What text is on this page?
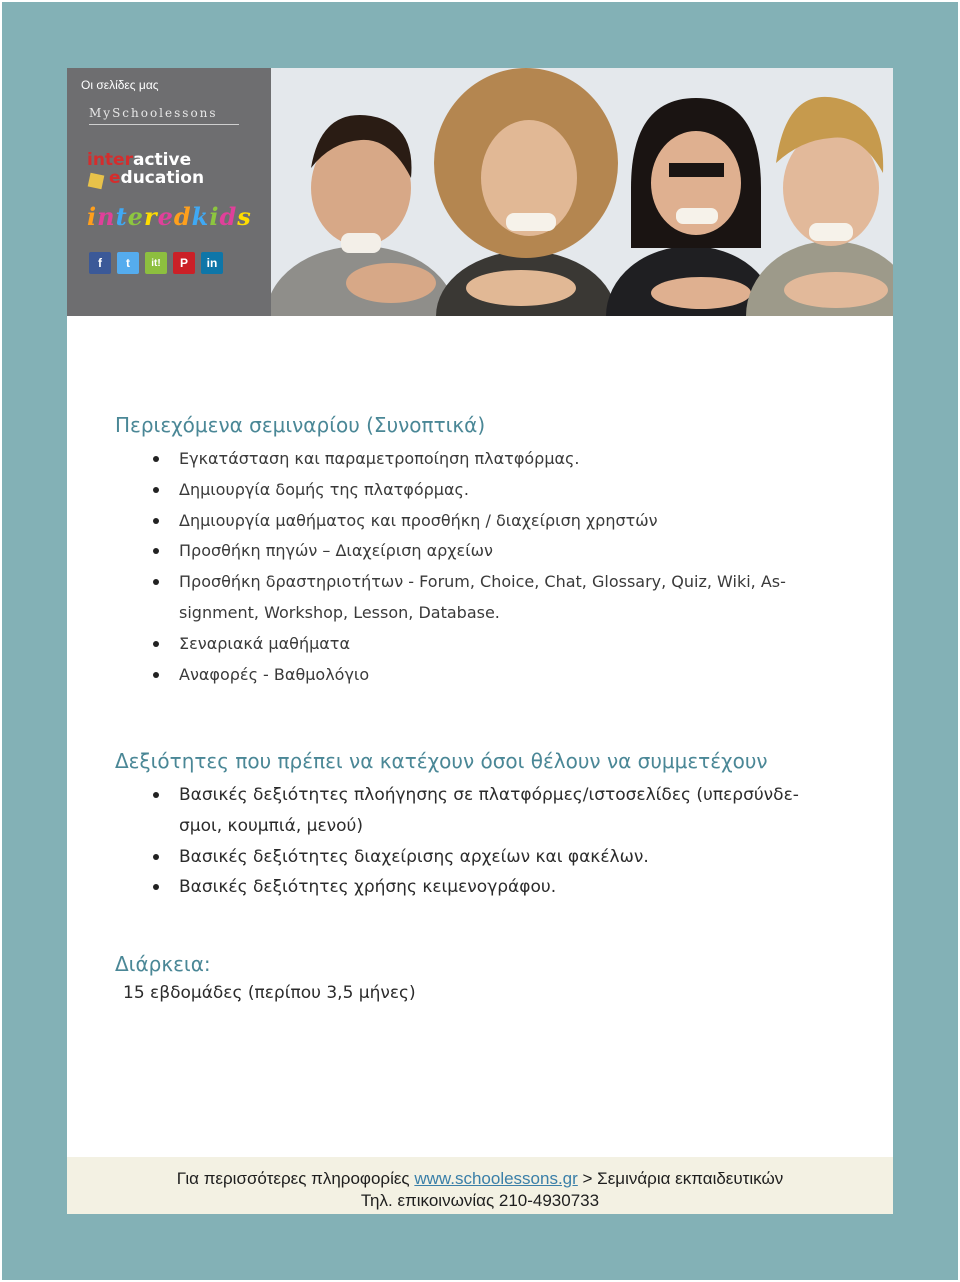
Οι σελίδες μας
MySchoolessons
interactive
education
interedkids
f	t	it!	P	in
Περιεχόμενα σεμιναρίου (Συνοπτικά)
Εγκατάσταση και παραμετροποίηση πλατφόρμας.
Δημιουργία δομής της πλατφόρμας.
Δημιουργία μαθήματος και προσθήκη / διαχείριση χρηστών
Προσθήκη πηγών – Διαχείριση αρχείων
Προσθήκη δραστηριοτήτων - Forum, Choice, Chat, Glossary, Quiz, Wiki, As-
signment, Workshop, Lesson, Database.
Σεναριακά μαθήματα
Αναφορές - Βαθμολόγιο
Δεξιότητες που πρέπει να κατέχουν όσοι θέλουν να συμμετέχουν
Βασικές δεξιότητες πλοήγησης σε πλατφόρμες/ιστοσελίδες (υπερσύνδε-
σμοι, κουμπιά, μενού)
Βασικές δεξιότητες διαχείρισης αρχείων και φακέλων.
Βασικές δεξιότητες χρήσης κειμενογράφου.
Διάρκεια:
15 εβδομάδες (περίπου 3,5 μήνες)
Για περισσότερες πληροφορίες www.schoolessons.gr > Σεμινάρια εκπαιδευτικών
Τηλ. επικοινωνίας 210-4930733
